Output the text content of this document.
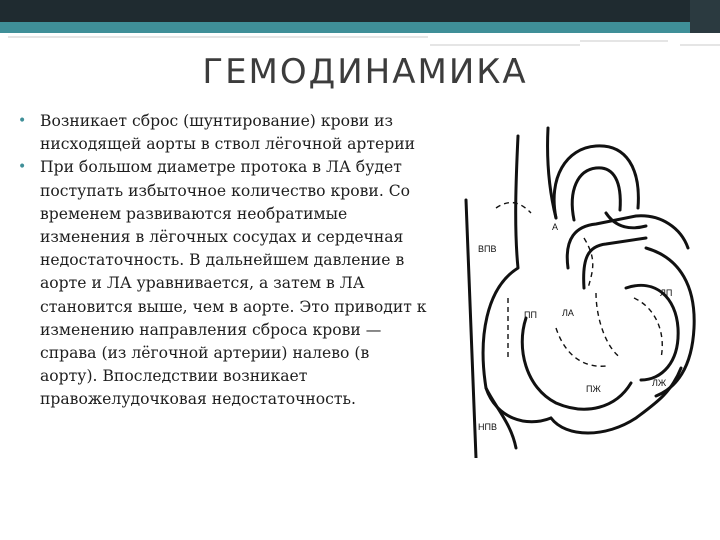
ГЕМОДИНАМИКА
• Возникает сброс (шунтирование) крови из нисходящей аорты в ствол лёгочной артерии
• При большом диаметре протока в ЛА будет поступать избыточное количество крови. Со временем развиваются необратимые изменения в лёгочных сосудах и сердечная недостаточность. В дальнейшем давление в аорте и ЛА уравнивается, а затем в ЛА становится выше, чем в аорте. Это приводит к изменению направления сброса крови — справа (из лёгочной артерии) налево (в аорту). Впоследствии возникает правожелудочковая недостаточность.
А
ВПВ
ПП	ЛА
ЛП
ПЖ
ЛЖ
НПВ
